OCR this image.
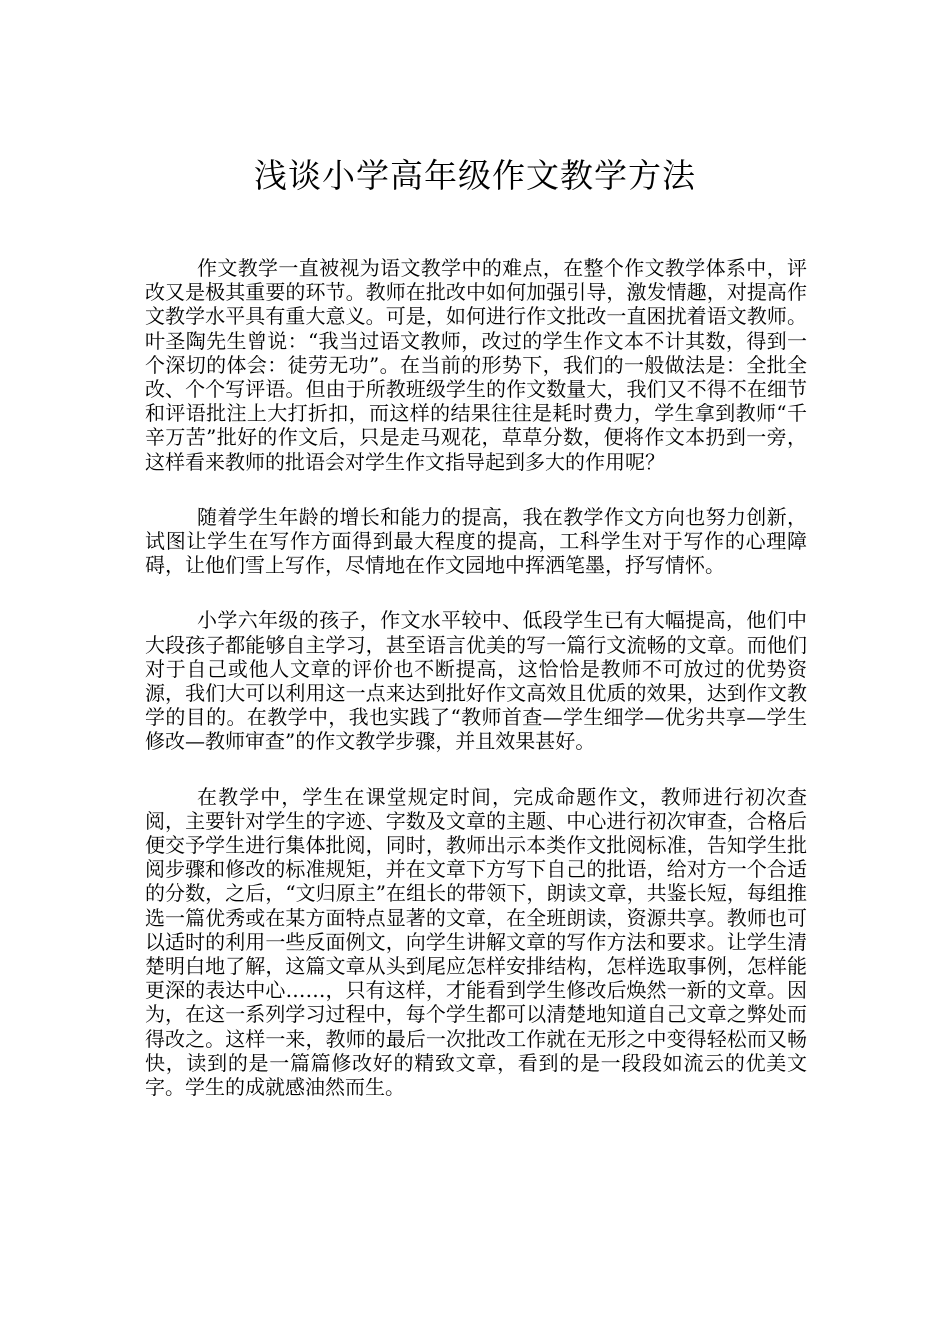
浅谈小学高年级作文教学方法

作文教学一直被视为语文教学中的难点，在整个作文教学体系中，评改又是极其重要的环节。教师在批改中如何加强引导，激发情趣，对提高作文教学水平具有重大意义。可是，如何进行作文批改一直困扰着语文教师。叶圣陶先生曾说：“我当过语文教师，改过的学生作文本不计其数，得到一个深切的体会：徒劳无功”。在当前的形势下，我们的一般做法是：全批全改、个个写评语。但由于所教班级学生的作文数量大，我们又不得不在细节和评语批注上大打折扣，而这样的结果往往是耗时费力，学生拿到教师“千辛万苦”批好的作文后，只是走马观花，草草分数，便将作文本扔到一旁，这样看来教师的批语会对学生作文指导起到多大的作用呢？

随着学生年龄的增长和能力的提高，我在教学作文方向也努力创新，试图让学生在写作方面得到最大程度的提高，工科学生对于写作的心理障碍，让他们雪上写作，尽情地在作文园地中挥洒笔墨，抒写情怀。

小学六年级的孩子，作文水平较中、低段学生已有大幅提高，他们中大段孩子都能够自主学习，甚至语言优美的写一篇行文流畅的文章。而他们对于自己或他人文章的评价也不断提高，这恰恰是教师不可放过的优势资源，我们大可以利用这一点来达到批好作文高效且优质的效果，达到作文教学的目的。在教学中，我也实践了“教师首查—学生细学—优劣共享—学生修改—教师审查”的作文教学步骤，并且效果甚好。

在教学中，学生在课堂规定时间，完成命题作文，教师进行初次查阅，主要针对学生的字迹、字数及文章的主题、中心进行初次审查，合格后便交予学生进行集体批阅，同时，教师出示本类作文批阅标准，告知学生批阅步骤和修改的标准规矩，并在文章下方写下自己的批语，给对方一个合适的分数，之后，“文归原主”在组长的带领下，朗读文章，共鉴长短，每组推选一篇优秀或在某方面特点显著的文章，在全班朗读，资源共享。教师也可以适时的利用一些反面例文，向学生讲解文章的写作方法和要求。让学生清楚明白地了解，这篇文章从头到尾应怎样安排结构，怎样选取事例，怎样能更深的表达中心……，只有这样，才能看到学生修改后焕然一新的文章。因为，在这一系列学习过程中，每个学生都可以清楚地知道自己文章之弊处而得改之。这样一来，教师的最后一次批改工作就在无形之中变得轻松而又畅快，读到的是一篇篇修改好的精致文章，看到的是一段段如流云的优美文字。学生的成就感油然而生。
